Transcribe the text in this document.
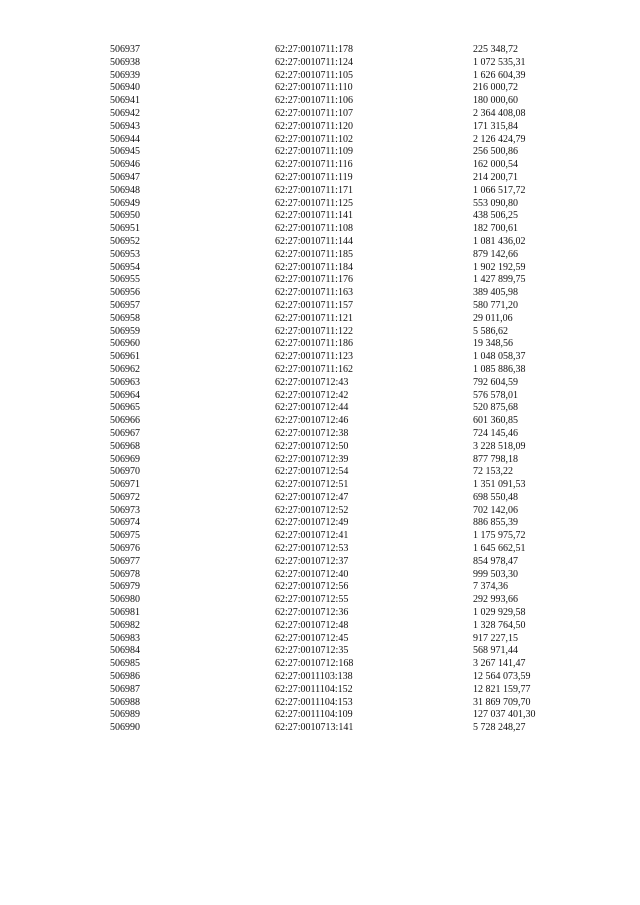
506937	62:27:0010711:178	225 348,72
506938	62:27:0010711:124	1 072 535,31
506939	62:27:0010711:105	1 626 604,39
506940	62:27:0010711:110	216 000,72
506941	62:27:0010711:106	180 000,60
506942	62:27:0010711:107	2 364 408,08
506943	62:27:0010711:120	171 315,84
506944	62:27:0010711:102	2 126 424,79
506945	62:27:0010711:109	256 500,86
506946	62:27:0010711:116	162 000,54
506947	62:27:0010711:119	214 200,71
506948	62:27:0010711:171	1 066 517,72
506949	62:27:0010711:125	553 090,80
506950	62:27:0010711:141	438 506,25
506951	62:27:0010711:108	182 700,61
506952	62:27:0010711:144	1 081 436,02
506953	62:27:0010711:185	879 142,66
506954	62:27:0010711:184	1 902 192,59
506955	62:27:0010711:176	1 427 899,75
506956	62:27:0010711:163	389 405,98
506957	62:27:0010711:157	580 771,20
506958	62:27:0010711:121	29 011,06
506959	62:27:0010711:122	5 586,62
506960	62:27:0010711:186	19 348,56
506961	62:27:0010711:123	1 048 058,37
506962	62:27:0010711:162	1 085 886,38
506963	62:27:0010712:43	792 604,59
506964	62:27:0010712:42	576 578,01
506965	62:27:0010712:44	520 875,68
506966	62:27:0010712:46	601 360,85
506967	62:27:0010712:38	724 145,46
506968	62:27:0010712:50	3 228 518,09
506969	62:27:0010712:39	877 798,18
506970	62:27:0010712:54	72 153,22
506971	62:27:0010712:51	1 351 091,53
506972	62:27:0010712:47	698 550,48
506973	62:27:0010712:52	702 142,06
506974	62:27:0010712:49	886 855,39
506975	62:27:0010712:41	1 175 975,72
506976	62:27:0010712:53	1 645 662,51
506977	62:27:0010712:37	854 978,47
506978	62:27:0010712:40	999 503,30
506979	62:27:0010712:56	7 374,36
506980	62:27:0010712:55	292 993,66
506981	62:27:0010712:36	1 029 929,58
506982	62:27:0010712:48	1 328 764,50
506983	62:27:0010712:45	917 227,15
506984	62:27:0010712:35	568 971,44
506985	62:27:0010712:168	3 267 141,47
506986	62:27:0011103:138	12 564 073,59
506987	62:27:0011104:152	12 821 159,77
506988	62:27:0011104:153	31 869 709,70
506989	62:27:0011104:109	127 037 401,30
506990	62:27:0010713:141	5 728 248,27
